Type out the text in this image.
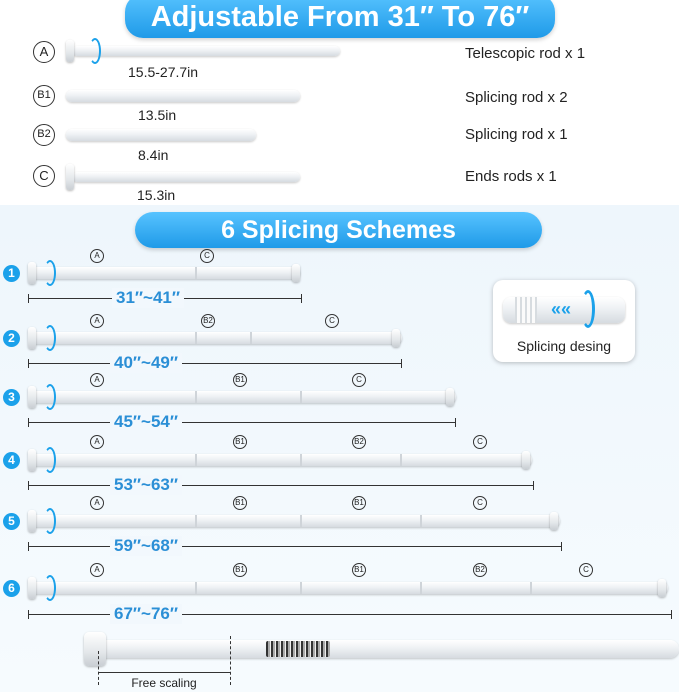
Adjustable From 31″ To 76″
A
15.5-27.7in
Telescopic rod x 1
B1
13.5in
Splicing rod x 2
B2
8.4in
Splicing rod x 1
C
15.3in
Ends rods x 1
6 Splicing Schemes
1
A	C
31″~41″
2
A	B2	C
40″~49″
3
A	B1	C
45″~54″
4
A	B1	B2	C
53″~63″
5
A	B1	B1	C
59″~68″
6
A	B1	B1	B2	C
67″~76″
««
Splicing desing
Free scaling
